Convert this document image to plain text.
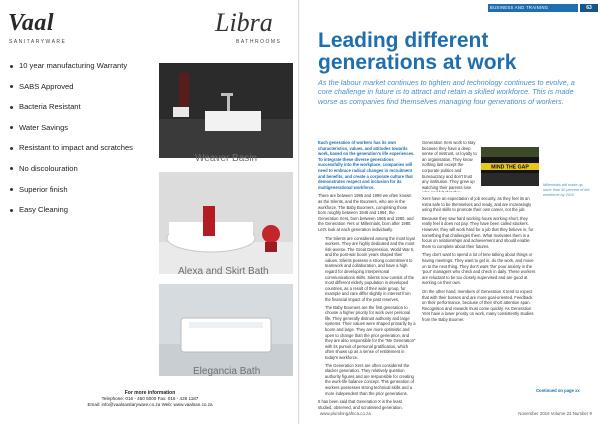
Vaal
SANITARYWARE
Libra
BATHROOMS
10 year manufacturing Warranty
SABS Approved
Bacteria Resistant
Water Savings
Resistant to impact and scratches
No discolouration
Superior finish
Easy Cleaning
Weaver Basin
Alexa and Skirt Bath
Elegancia Bath
For more information
Telephone: 016 - 450 5000 Fax: 016 - 428 1187
Email: info@vaalsanitaryware.co.za Web: www.vaalsan.co.za
BUSINESS AND TRAINING	63
Leading different generations at work
As the labour market continues to tighten and technology continues to evolve, a core challenge in future is to attract and retain a skilled workforce. This is made worse as companies find themselves managing four generations of workers.

Each generation of workers has its own characteristics, values, and attitudes towards work, based on the generation's life experiences. To integrate these diverse generations successfully into the workplace, companies will need to embrace radical changes in recruitment and benefits, and create a corporate culture that demonstrates respect and inclusion for its multigenerational workforce.

There are between 1995 and 1999 we often known as the Silents, and the Boomers, who are in the workforce. The Baby Boomers, comprising those born roughly between 1946 and 1964, the Generation Xers, born between 1965 and 1980, and the Generation Yers or Millennials, born after 1980. Let's look at each generation individually.

• The Silents are considered among the most loyal workers. They are highly dedicated and the most risk-averse. The Great Depression, World War II, and the post-war boom years shaped their values. Silents possess a strong commitment to teamwork and collaboration, and have a high regard for developing interpersonal communications skills. Silents now consist of the most different elderly population in developed countries, as a result of their wide group, for example and care differ slightly in interest from the financial impact of the past reserves.
• The Baby Boomers are the first generation to choose a higher priority for work over personal life. They generally distrust authority and large systems. Their values were shaped primarily by a boom and large. They are more optimistic and open to change than the prior generation, and they are also responsible for the "Me Generation" with its pursuit of personal gratification, which often shows up as a sense of entitlement in today's workforce.
• The Generation Xers are often considered the slacker generation. They relatively question authority figures and are responsible for creating the work-life balance concept. This generation of workers possesses strong technical skills and a more independent than the prior generations.

It has been said that Generation X is the least studied, observed, and scrutinised generation.

Generation Xers work to stay because they have a deep sense of mistrust, or loyalty to an organisation. They know nothing last except the corporate politics and bureaucracy and don't trust any institution. They grew up watching their parents lose

Xers have an expectation of job security, as they feel its an extra safe to be themselves and ready, and are increasingly using their skills to promote their own career, not the job.

Because they saw hard working hours working short, they really feel it does not pay. They have been called slackers. However, they will work hard for a job that they believe in, for something that challenges them. What motivates them is a focus on relationships and achievement and should enable them to complete about their futures.

They don't want to spend a lot of time talking about things or having meetings. They want to get in, do the work, and move on to the next thing. They don't want 'the' pour anxiety in the 'pour' managers who check and check in daily. These workers are reluctant to be too closely supervised and are good at working on their own.

On the other hand, members of Generation X tend to expect that with their bosses and are more goal-oriented. Feedback on their performance, because of their short attention span. Recognition and rewards must come quickly. As Generation Yers have a lower priority on work, many consistently studies from the Baby Boomer.

MIND THE GAP
Millennials will make up more than 40 percent of the workforce by 2020
Continued on page xx
www.plumbingafrica.co.za	November 2016 Volume 23 Number 9
